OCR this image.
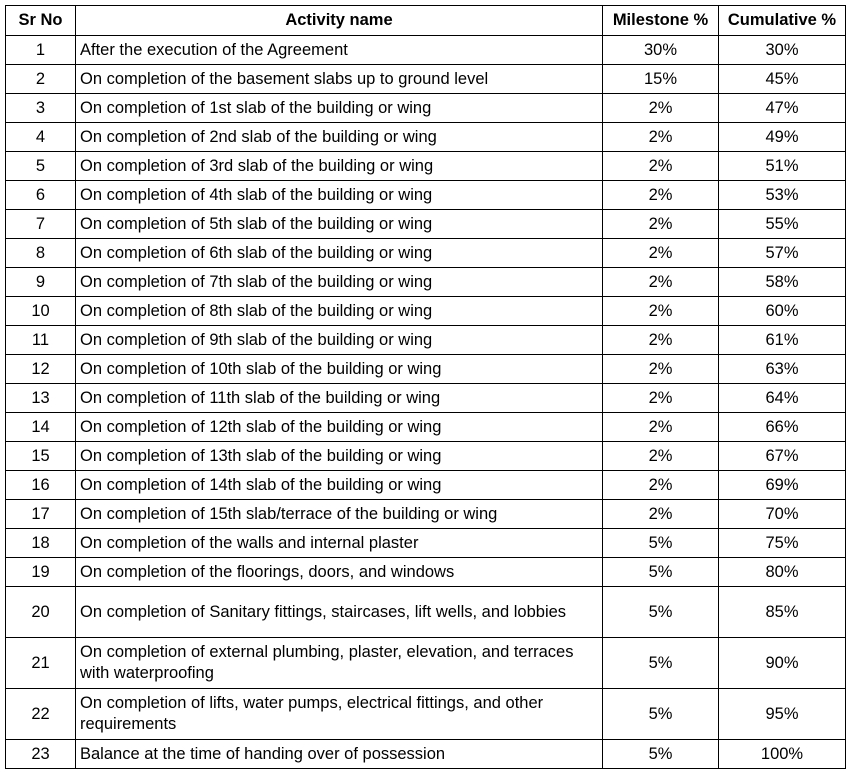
Sr No	Activity name	Milestone %	Cumulative %
1	After the execution of the Agreement	30%	30%
2	On completion of the basement slabs up to ground level	15%	45%
3	On completion of 1st slab of the building or wing	2%	47%
4	On completion of 2nd slab of the building or wing	2%	49%
5	On completion of 3rd slab of the building or wing	2%	51%
6	On completion of 4th slab of the building or wing	2%	53%
7	On completion of 5th slab of the building or wing	2%	55%
8	On completion of 6th slab of the building or wing	2%	57%
9	On completion of 7th slab of the building or wing	2%	58%
10	On completion of 8th slab of the building or wing	2%	60%
11	On completion of 9th slab of the building or wing	2%	61%
12	On completion of 10th slab of the building or wing	2%	63%
13	On completion of 11th slab of the building or wing	2%	64%
14	On completion of 12th slab of the building or wing	2%	66%
15	On completion of 13th slab of the building or wing	2%	67%
16	On completion of 14th slab of the building or wing	2%	69%
17	On completion of 15th slab/terrace of the building or wing	2%	70%
18	On completion of the walls and internal plaster	5%	75%
19	On completion of the floorings, doors, and windows	5%	80%
20	On completion of Sanitary fittings, staircases, lift wells, and lobbies	5%	85%
21	On completion of external plumbing, plaster, elevation, and terraces with waterproofing	5%	90%
22	On completion of lifts, water pumps, electrical fittings, and other requirements	5%	95%
23	Balance at the time of handing over of possession	5%	100%
